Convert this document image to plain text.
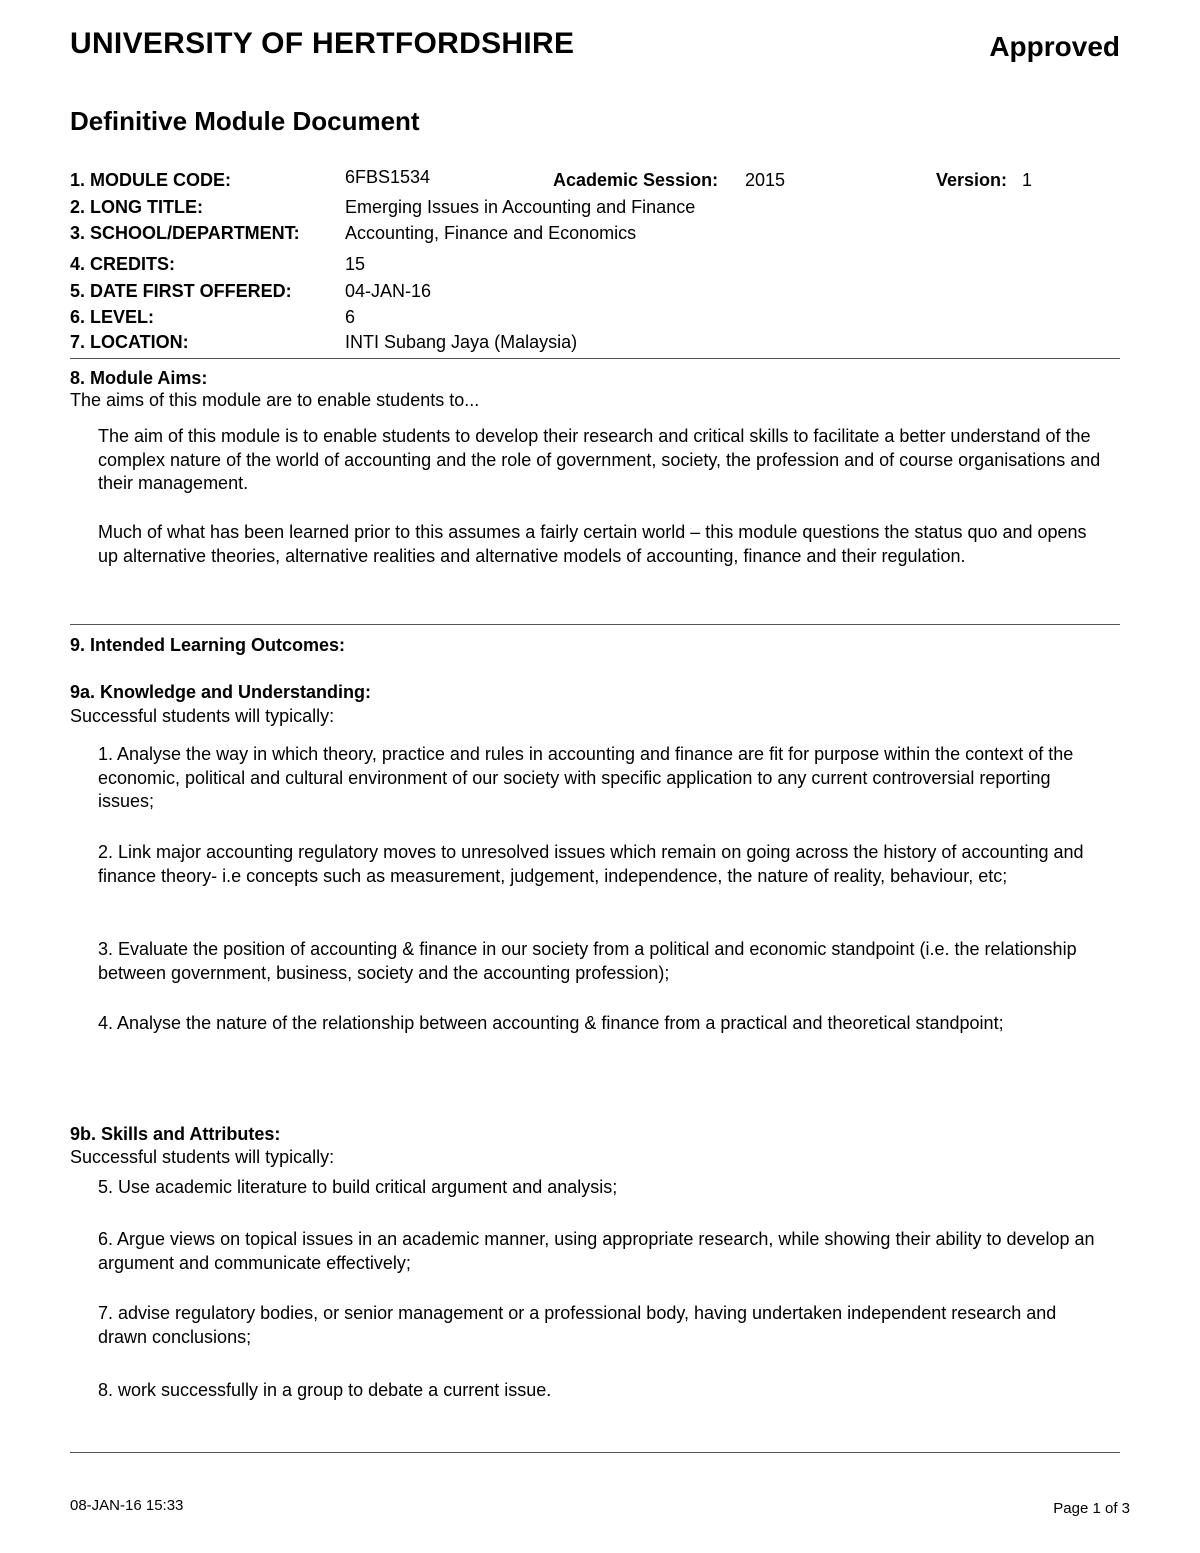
UNIVERSITY OF HERTFORDSHIRE	Approved
Definitive Module Document
1. MODULE CODE:	6FBS1534	Academic Session: 2015	Version: 1
2. LONG TITLE:	Emerging Issues in Accounting and Finance
3. SCHOOL/DEPARTMENT:	Accounting, Finance and Economics
4. CREDITS:	15
5. DATE FIRST OFFERED:	04-JAN-16
6. LEVEL:	6
7. LOCATION:	INTI Subang Jaya (Malaysia)
8. Module Aims:
The aims of this module are to enable students to...
The aim of this module is to enable students to develop their research and critical skills to facilitate a better understand of the complex nature of the world of accounting and the role of government, society, the profession and of course organisations and their management.
Much of what has been learned prior to this assumes a fairly certain world – this module questions the status quo and opens up alternative theories, alternative realities and alternative models of accounting, finance and their regulation.
9. Intended Learning Outcomes:
9a. Knowledge and Understanding:
Successful students will typically:
1. Analyse the way in which theory, practice and rules in accounting and finance are fit for purpose within the context of the economic, political and cultural environment of our society with specific application to any current controversial reporting issues;
2. Link major accounting regulatory moves to unresolved issues which remain on going across the history of accounting and finance theory- i.e concepts such as measurement, judgement, independence, the nature of reality, behaviour, etc;
3. Evaluate the position of accounting & finance in our society from a political and economic standpoint (i.e. the relationship between government, business, society and the accounting profession);
4. Analyse the nature of the relationship between accounting & finance from a practical and theoretical standpoint;
9b. Skills and Attributes:
Successful students will typically:
5. Use academic literature to build critical argument and analysis;
6. Argue views on topical issues in an academic manner, using appropriate research, while showing their ability to develop an argument and communicate effectively;
7. advise regulatory bodies, or senior management or a professional body, having undertaken independent research and drawn conclusions;
8. work successfully in a group to debate a current issue.
08-JAN-16 15:33	Page 1 of 3
